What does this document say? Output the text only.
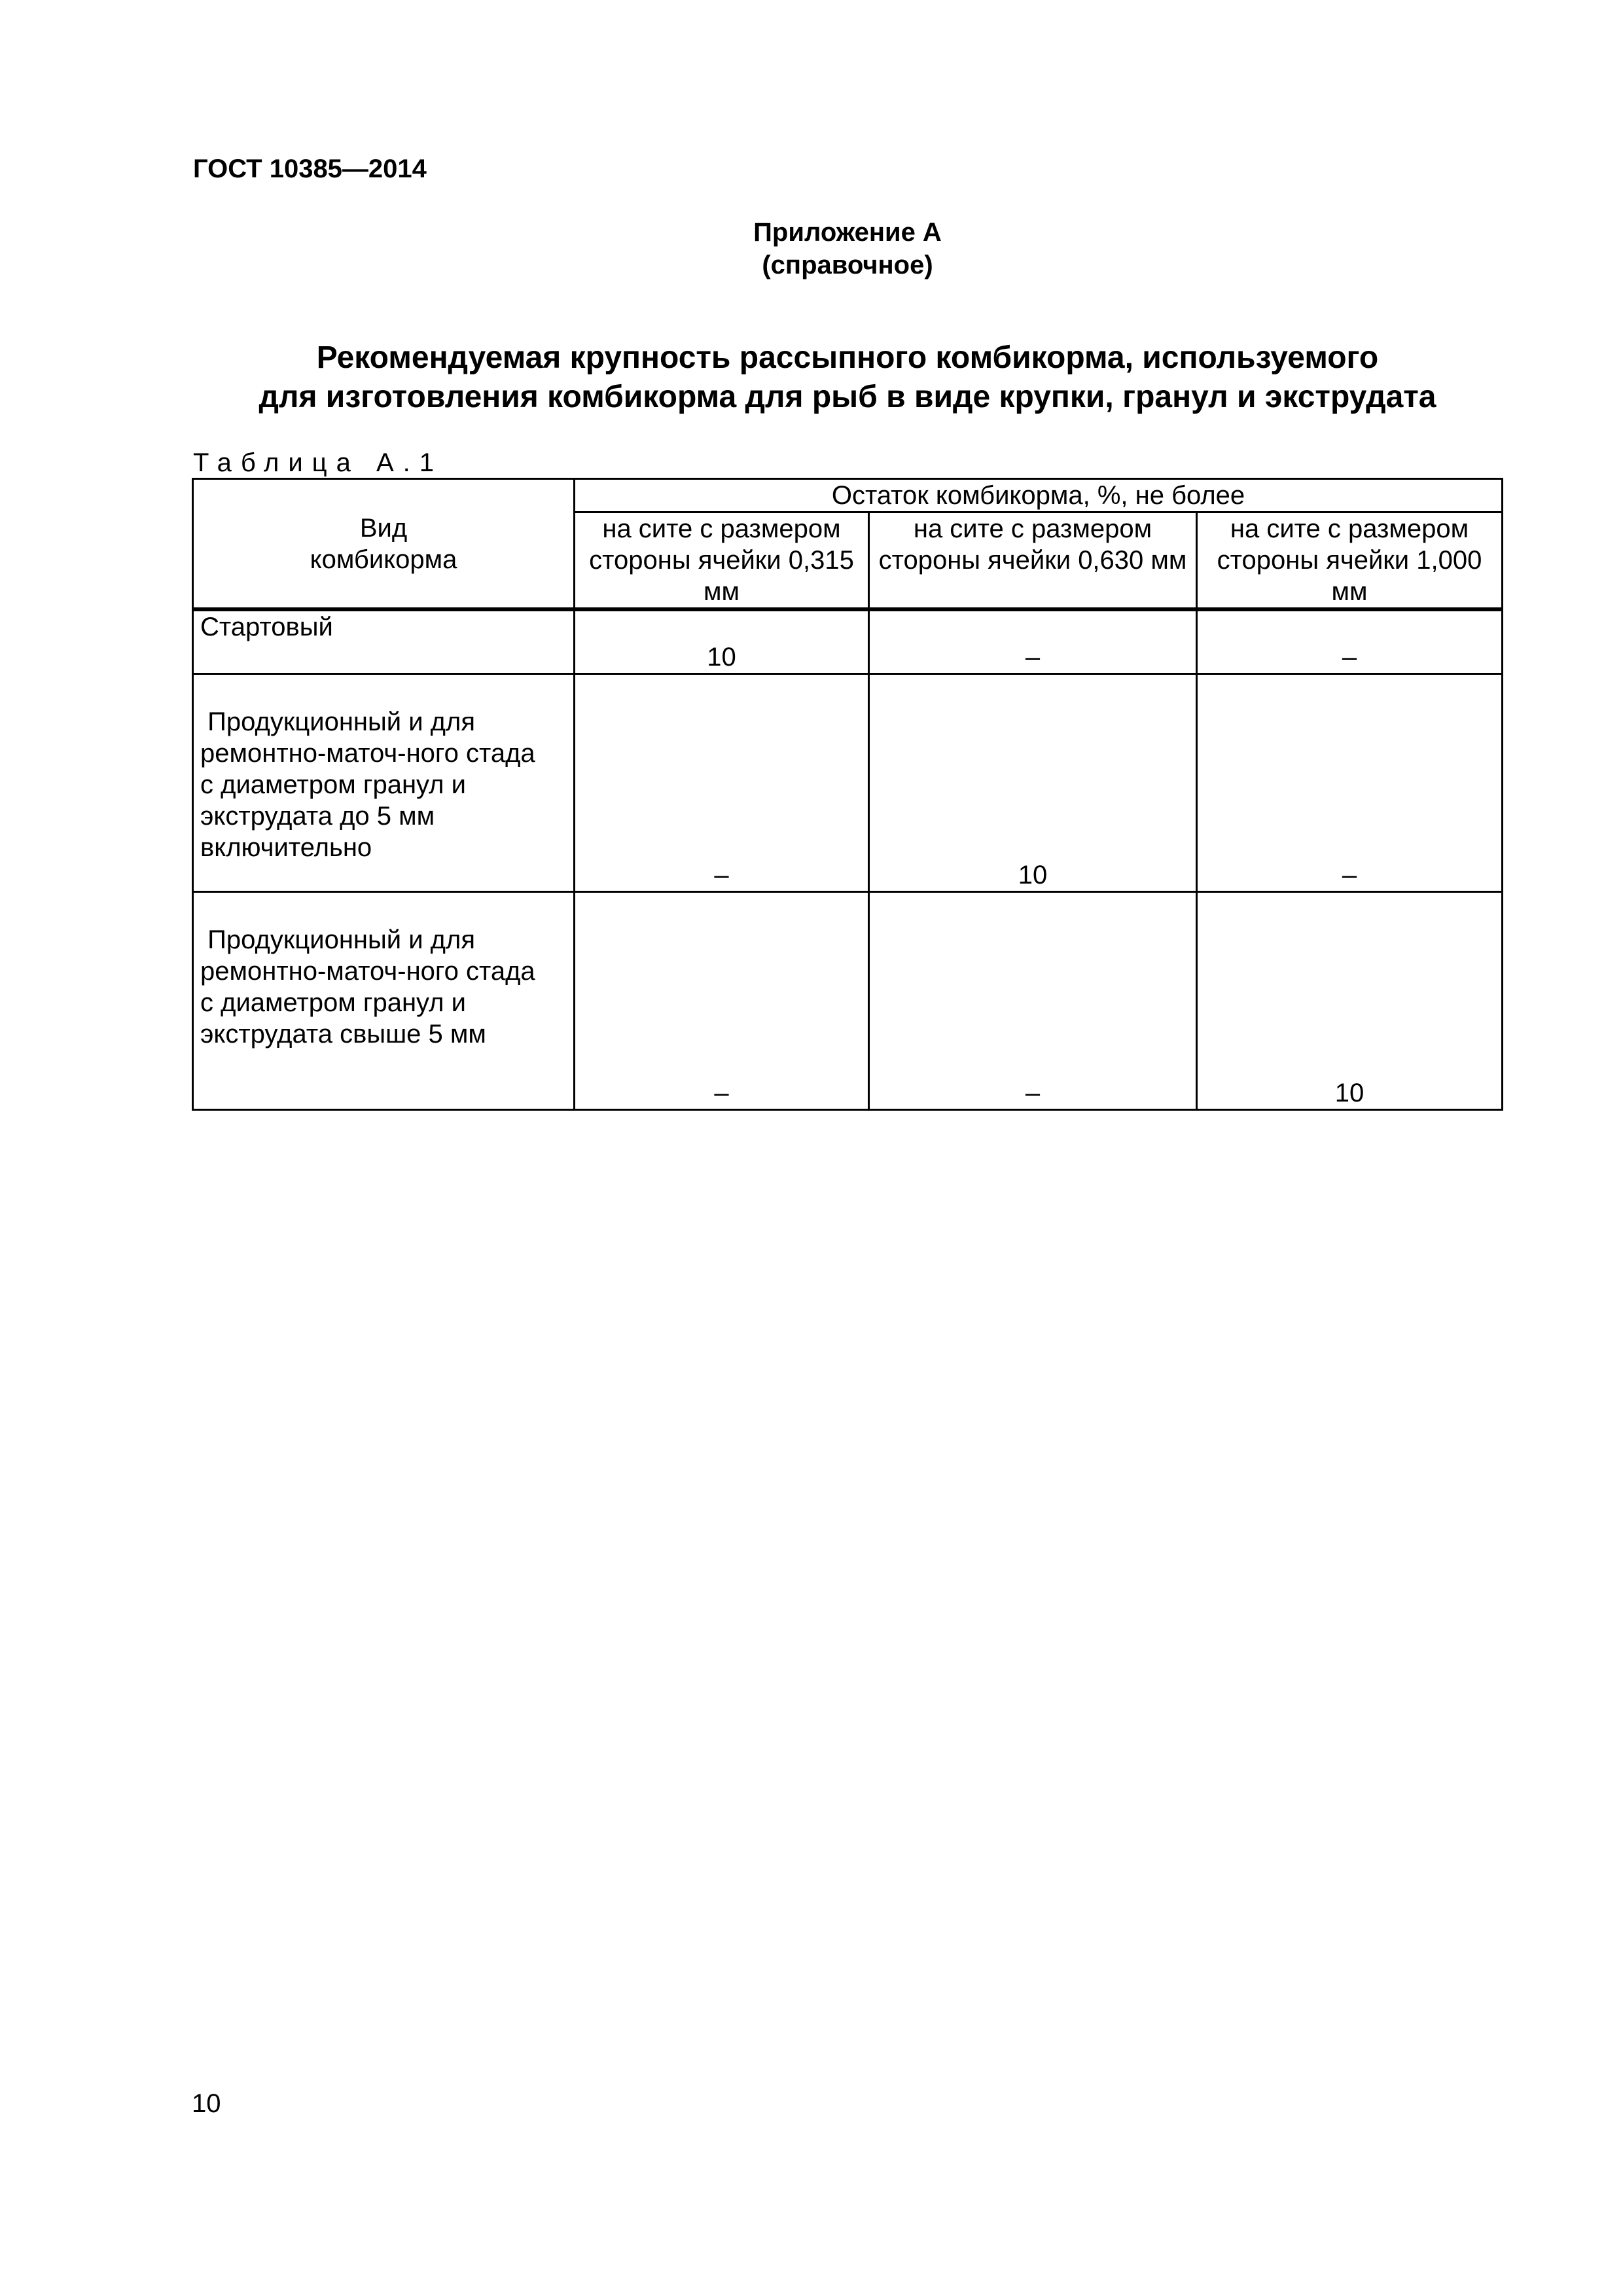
ГОСТ 10385—2014
Приложение А
(справочное)
Рекомендуемая крупность рассыпного комбикорма, используемого
для изготовления комбикорма для рыб в виде крупки, гранул и экструдата
Таблица А.1
Вид
комбикорма	Остаток комбикорма, %, не более		
	на сите с размером стороны ячейки 0,315 мм	на сите с размером стороны ячейки 0,630 мм	на сите с размером стороны ячейки 1,000 мм

Стартовый	10	–	–

Продукционный и для
ремонтно-маточ-ного стада
с диаметром гранул и
экструдата до 5 мм
включительно	–	10	–

Продукционный и для
ремонтно-маточ-ного стада
с диаметром гранул и
экструдата свыше 5 мм	–	–	10
10
